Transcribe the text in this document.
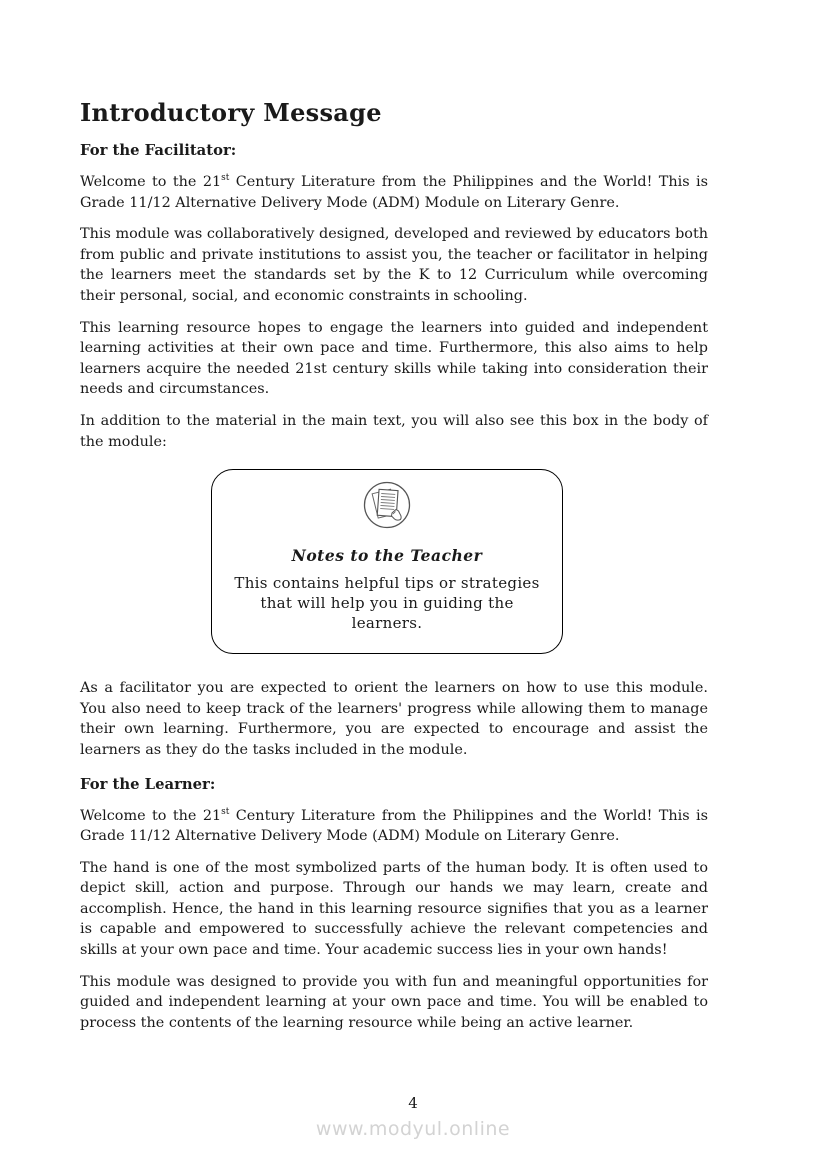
Introductory Message
For the Facilitator:

Welcome to the 21st Century Literature from the Philippines and the World! This is Grade 11/12 Alternative Delivery Mode (ADM) Module on Literary Genre.

This module was collaboratively designed, developed and reviewed by educators both from public and private institutions to assist you, the teacher or facilitator in helping the learners meet the standards set by the K to 12 Curriculum while overcoming their personal, social, and economic constraints in schooling.

This learning resource hopes to engage the learners into guided and independent learning activities at their own pace and time. Furthermore, this also aims to help learners acquire the needed 21st century skills while taking into consideration their needs and circumstances.

In addition to the material in the main text, you will also see this box in the body of the module:

Notes to the Teacher
This contains helpful tips or strategies
that will help you in guiding the learners.

As a facilitator you are expected to orient the learners on how to use this module. You also need to keep track of the learners' progress while allowing them to manage their own learning. Furthermore, you are expected to encourage and assist the learners as they do the tasks included in the module.

For the Learner:

Welcome to the 21st Century Literature from the Philippines and the World! This is Grade 11/12 Alternative Delivery Mode (ADM) Module on Literary Genre.

The hand is one of the most symbolized parts of the human body. It is often used to depict skill, action and purpose. Through our hands we may learn, create and accomplish. Hence, the hand in this learning resource signifies that you as a learner is capable and empowered to successfully achieve the relevant competencies and skills at your own pace and time. Your academic success lies in your own hands!

This module was designed to provide you with fun and meaningful opportunities for guided and independent learning at your own pace and time. You will be enabled to process the contents of the learning resource while being an active learner.

4
www.modyul.online
